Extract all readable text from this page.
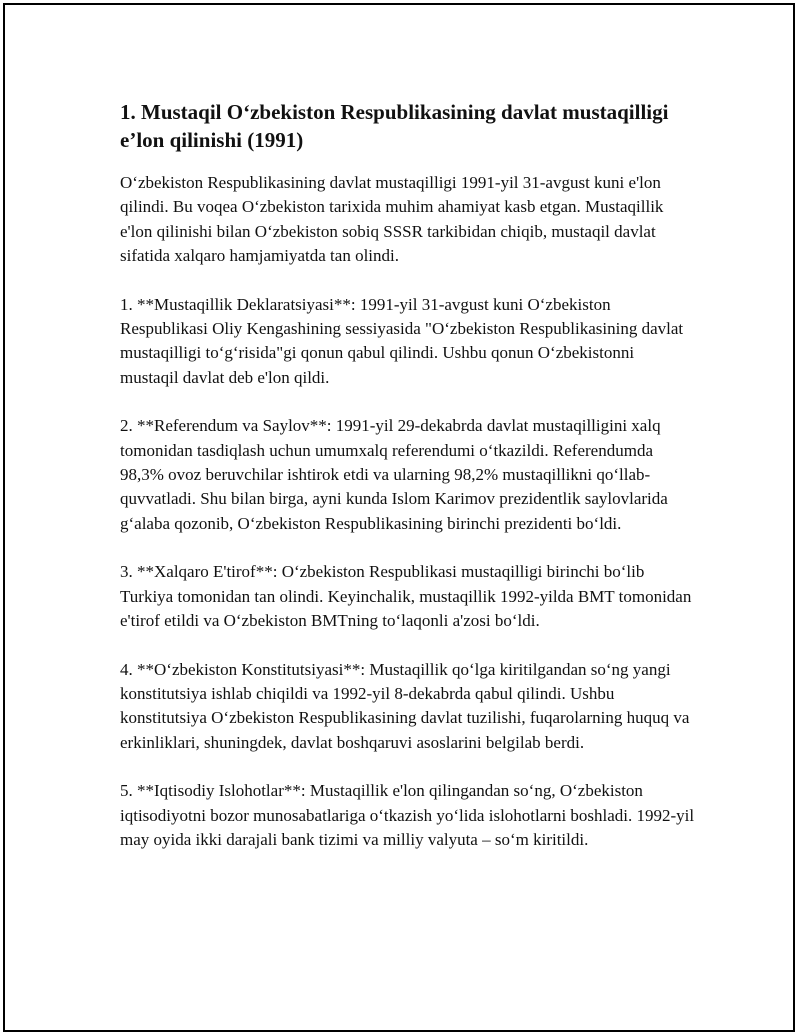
1. Mustaqil O‘zbekiston Respublikasining davlat mustaqilligi e’lon qilinishi (1991)

O‘zbekiston Respublikasining davlat mustaqilligi 1991-yil 31-avgust kuni e'lon qilindi. Bu voqea O‘zbekiston tarixida muhim ahamiyat kasb etgan. Mustaqillik e'lon qilinishi bilan O‘zbekiston sobiq SSSR tarkibidan chiqib, mustaqil davlat sifatida xalqaro hamjamiyatda tan olindi.

1. **Mustaqillik Deklaratsiyasi**: 1991-yil 31-avgust kuni O‘zbekiston Respublikasi Oliy Kengashining sessiyasida "O‘zbekiston Respublikasining davlat mustaqilligi to‘g‘risida"gi qonun qabul qilindi. Ushbu qonun O‘zbekistonni mustaqil davlat deb e'lon qildi.

2. **Referendum va Saylov**: 1991-yil 29-dekabrda davlat mustaqilligini xalq tomonidan tasdiqlash uchun umumxalq referendumi o‘tkazildi. Referendumda 98,3% ovoz beruvchilar ishtirok etdi va ularning 98,2% mustaqillikni qo‘llab-quvvatladi. Shu bilan birga, ayni kunda Islom Karimov prezidentlik saylovlarida g‘alaba qozonib, O‘zbekiston Respublikasining birinchi prezidenti bo‘ldi.

3. **Xalqaro E'tirof**: O‘zbekiston Respublikasi mustaqilligi birinchi bo‘lib Turkiya tomonidan tan olindi. Keyinchalik, mustaqillik 1992-yilda BMT tomonidan e'tirof etildi va O‘zbekiston BMTning to‘laqonli a'zosi bo‘ldi.

4. **O‘zbekiston Konstitutsiyasi**: Mustaqillik qo‘lga kiritilgandan so‘ng yangi konstitutsiya ishlab chiqildi va 1992-yil 8-dekabrda qabul qilindi. Ushbu konstitutsiya O‘zbekiston Respublikasining davlat tuzilishi, fuqarolarning huquq va erkinliklari, shuningdek, davlat boshqaruvi asoslarini belgilab berdi.

5. **Iqtisodiy Islohotlar**: Mustaqillik e'lon qilingandan so‘ng, O‘zbekiston iqtisodiyotni bozor munosabatlariga o‘tkazish yo‘lida islohotlarni boshladi. 1992-yil may oyida ikki darajali bank tizimi va milliy valyuta – so‘m kiritildi.
